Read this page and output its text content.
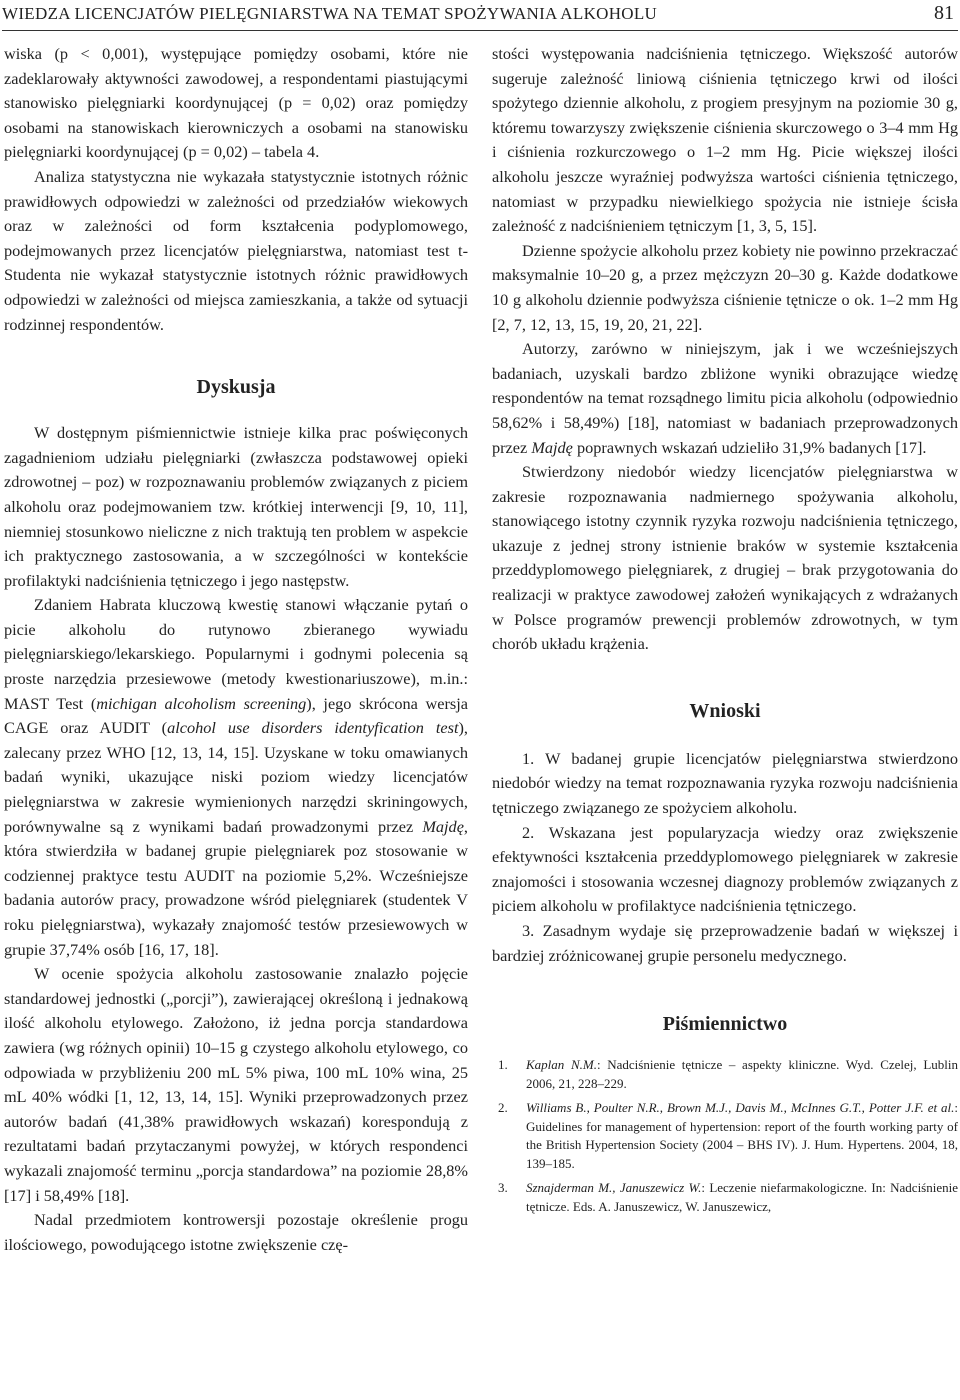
WIEDZA LICENCJATÓW PIELĘGNIARSTWA NA TEMAT SPOŻYWANIA ALKOHOLU	81

wiska (p < 0,001), występujące pomiędzy osobami, które nie zadeklarowały aktywności zawodowej, a respondentami piastującymi stanowisko pielęgniarki koordynującej (p = 0,02) oraz pomiędzy osobami na stanowiskach kierowniczych a osobami na stanowisku pielęgniarki koordynującej (p = 0,02) – tabela 4.

Analiza statystyczna nie wykazała statystycznie istotnych różnic prawidłowych odpowiedzi w zależności od przedziałów wiekowych oraz w zależności od form kształcenia podyplomowego, podejmowanych przez licencjatów pielęgniarstwa, natomiast test t-Studenta nie wykazał statystycznie istotnych różnic prawidłowych odpowiedzi w zależności od miejsca zamieszkania, a także od sytuacji rodzinnej respondentów.

Dyskusja

W dostępnym piśmiennictwie istnieje kilka prac poświęconych zagadnieniom udziału pielęgniarki (zwłaszcza podstawowej opieki zdrowotnej – poz) w rozpoznawaniu problemów związanych z piciem alkoholu oraz podejmowaniem tzw. krótkiej interwencji [9, 10, 11], niemniej stosunkowo nieliczne z nich traktują ten problem w aspekcie ich praktycznego zastosowania, a w szczególności w kontekście profilaktyki nadciśnienia tętniczego i jego następstw.

Zdaniem Habrata kluczową kwestię stanowi włączanie pytań o picie alkoholu do rutynowo zbieranego wywiadu pielęgniarskiego/lekarskiego. Popularnymi i godnymi polecenia są proste narzędzia przesiewowe (metody kwestionariuszowe), m.in.: MAST Test (michigan alcoholism screening), jego skrócona wersja CAGE oraz AUDIT (alcohol use disorders identyfication test), zalecany przez WHO [12, 13, 14, 15]. Uzyskane w toku omawianych badań wyniki, ukazujące niski poziom wiedzy licencjatów pielęgniarstwa w zakresie wymienionych narzędzi skriningowych, porównywalne są z wynikami badań prowadzonymi przez Majdę, która stwierdziła w badanej grupie pielęgniarek poz stosowanie w codziennej praktyce testu AUDIT na poziomie 5,2%. Wcześniejsze badania autorów pracy, prowadzone wśród pielęgniarek (studentek V roku pielęgniarstwa), wykazały znajomość testów przesiewowych w grupie 37,74% osób [16, 17, 18].

W ocenie spożycia alkoholu zastosowanie znalazło pojęcie standardowej jednostki („porcji”), zawierającej określoną i jednakową ilość alkoholu etylowego. Założono, iż jedna porcja standardowa zawiera (wg różnych opinii) 10–15 g czystego alkoholu etylowego, co odpowiada w przybliżeniu 200 mL 5% piwa, 100 mL 10% wina, 25 mL 40% wódki [1, 12, 13, 14, 15]. Wyniki przeprowadzonych przez autorów badań (41,38% prawidłowych wskazań) korespondują z rezultatami badań przytaczanymi powyżej, w których respondenci wykazali znajomość terminu „porcja standardowa” na poziomie 28,8% [17] i 58,49% [18].

Nadal przedmiotem kontrowersji pozostaje określenie progu ilościowego, powodującego istotne zwiększenie czę-

stości występowania nadciśnienia tętniczego. Większość autorów sugeruje zależność liniową ciśnienia tętniczego krwi od ilości spożytego dziennie alkoholu, z progiem presyjnym na poziomie 30 g, któremu towarzyszy zwiększenie ciśnienia skurczowego o 3–4 mm Hg i ciśnienia rozkurczowego o 1–2 mm Hg. Picie większej ilości alkoholu jeszcze wyraźniej podwyższa wartości ciśnienia tętniczego, natomiast w przypadku niewielkiego spożycia nie istnieje ścisła zależność z nadciśnieniem tętniczym [1, 3, 5, 15].

Dzienne spożycie alkoholu przez kobiety nie powinno przekraczać maksymalnie 10–20 g, a przez mężczyzn 20–30 g. Każde dodatkowe 10 g alkoholu dziennie podwyższa ciśnienie tętnicze o ok. 1–2 mm Hg [2, 7, 12, 13, 15, 19, 20, 21, 22].

Autorzy, zarówno w niniejszym, jak i we wcześniejszych badaniach, uzyskali bardzo zbliżone wyniki obrazujące wiedzę respondentów na temat rozsądnego limitu picia alkoholu (odpowiednio 58,62% i 58,49%) [18], natomiast w badaniach przeprowadzonych przez Majdę poprawnych wskazań udzieliło 31,9% badanych [17].

Stwierdzony niedobór wiedzy licencjatów pielęgniarstwa w zakresie rozpoznawania nadmiernego spożywania alkoholu, stanowiącego istotny czynnik ryzyka rozwoju nadciśnienia tętniczego, ukazuje z jednej strony istnienie braków w systemie kształcenia przeddyplomowego pielęgniarek, z drugiej – brak przygotowania do realizacji w praktyce zawodowej założeń wynikających z wdrażanych w Polsce programów prewencji problemów zdrowotnych, w tym chorób układu krążenia.

Wnioski

1. W badanej grupie licencjatów pielęgniarstwa stwierdzono niedobór wiedzy na temat rozpoznawania ryzyka rozwoju nadciśnienia tętniczego związanego ze spożyciem alkoholu.

2. Wskazana jest popularyzacja wiedzy oraz zwiększenie efektywności kształcenia przeddyplomowego pielęgniarek w zakresie znajomości i stosowania wczesnej diagnozy problemów związanych z piciem alkoholu w profilaktyce nadciśnienia tętniczego.

3. Zasadnym wydaje się przeprowadzenie badań w większej i bardziej zróżnicowanej grupie personelu medycznego.

Piśmiennictwo
1. Kaplan N.M.: Nadciśnienie tętnicze – aspekty kliniczne. Wyd. Czelej, Lublin 2006, 21, 228–229.
2. Williams B., Poulter N.R., Brown M.J., Davis M., McInnes G.T., Potter J.F. et al.: Guidelines for management of hypertension: report of the fourth working party of the British Hypertension Society (2004 – BHS IV). J. Hum. Hypertens. 2004, 18, 139–185.
3. Sznajderman M., Januszewicz W.: Leczenie niefarmakologiczne. In: Nadciśnienie tętnicze. Eds. A. Januszewicz, W. Januszewicz,
